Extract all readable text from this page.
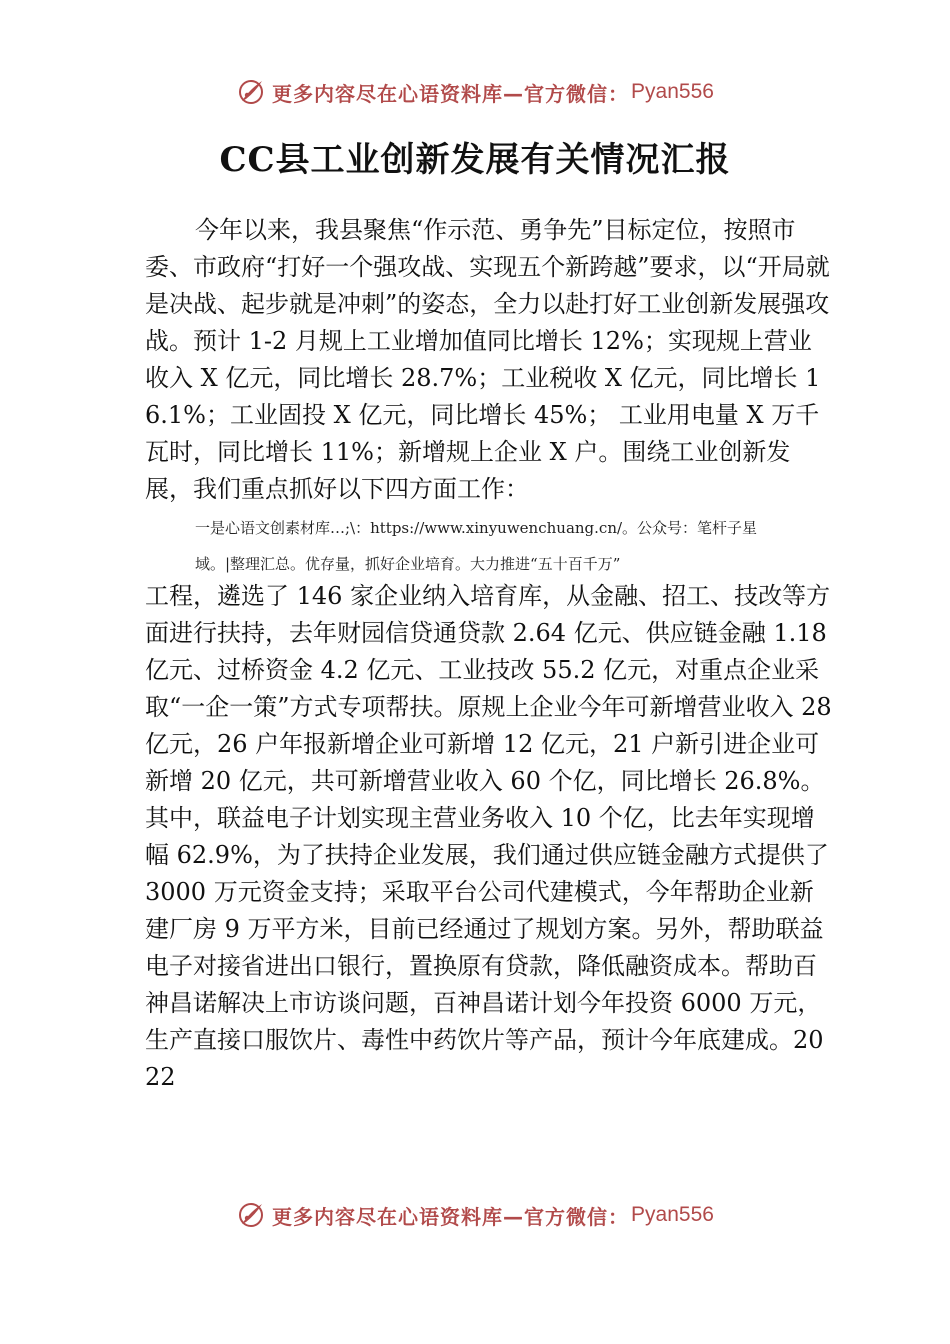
更多内容尽在心语资料库—官方微信： Pyan556
CC县工业创新发展有关情况汇报

今年以来，我县聚焦“作示范、勇争先”目标定位，按照市委、市政府“打好一个强攻战、实现五个新跨越”要求，以“开局就是决战、起步就是冲刺”的姿态，全力以赴打好工业创新发展强攻战。预计 1-2 月规上工业增加值同比增长 12%；实现规上营业收入 X 亿元，同比增长 28.7%；工业税收 X 亿元，同比增长 16.1%；工业固投 X 亿元，同比增长 45%； 工业用电量 X 万千瓦时，同比增长 11%；新增规上企业 X 户。围绕工业创新发展，我们重点抓好以下四方面工作：

一是心语文创素材库…;\：https://www.xinyuwenchuang.cn/。公众号：笔杆子星
域。|整理汇总。优存量，抓好企业培育。大力推进“五十百千万”

工程，遴选了 146 家企业纳入培育库，从金融、招工、技改等方面进行扶持，去年财园信贷通贷款 2.64 亿元、供应链金融 1.18 亿元、过桥资金 4.2 亿元、工业技改 55.2 亿元，对重点企业采取“一企一策”方式专项帮扶。原规上企业今年可新增营业收入 28 亿元，26 户年报新增企业可新增 12 亿元，21 户新引进企业可新增 20 亿元，共可新增营业收入 60 个亿，同比增长 26.8%。其中，联益电子计划实现主营业务收入 10 个亿，比去年实现增幅 62.9%，为了扶持企业发展，我们通过供应链金融方式提供了 3000 万元资金支持；采取平台公司代建模式，今年帮助企业新建厂房 9 万平方米，目前已经通过了规划方案。另外，帮助联益电子对接省进出口银行，置换原有贷款，降低融资成本。帮助百神昌诺解决上市访谈问题，百神昌诺计划今年投资 6000 万元，生产直接口服饮片、毒性中药饮片等产品，预计今年底建成。2022

更多内容尽在心语资料库—官方微信： Pyan556
